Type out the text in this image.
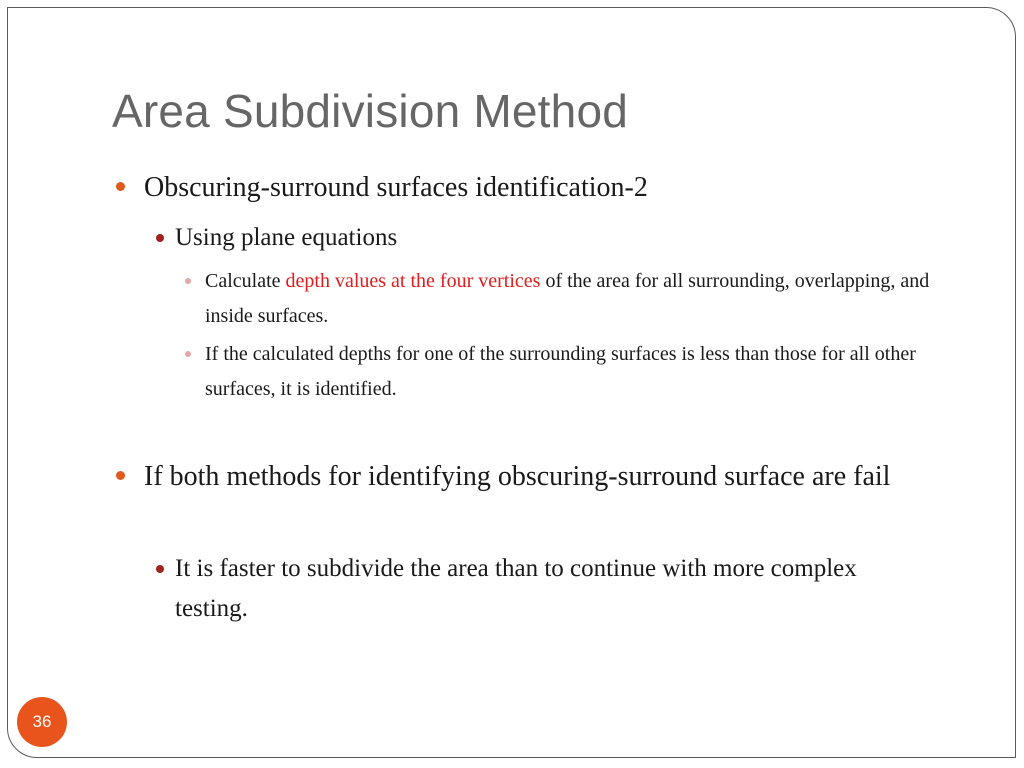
Area Subdivision Method
Obscuring-surround surfaces identification-2
Using plane equations
Calculate depth values at the four vertices of the area for all surrounding, overlapping, and inside surfaces.
If the calculated depths for one of the surrounding surfaces is less than those for all other surfaces, it is identified.
If both methods for identifying obscuring-surround surface are fail
It is faster to subdivide the area than to continue with more complex testing.
36
